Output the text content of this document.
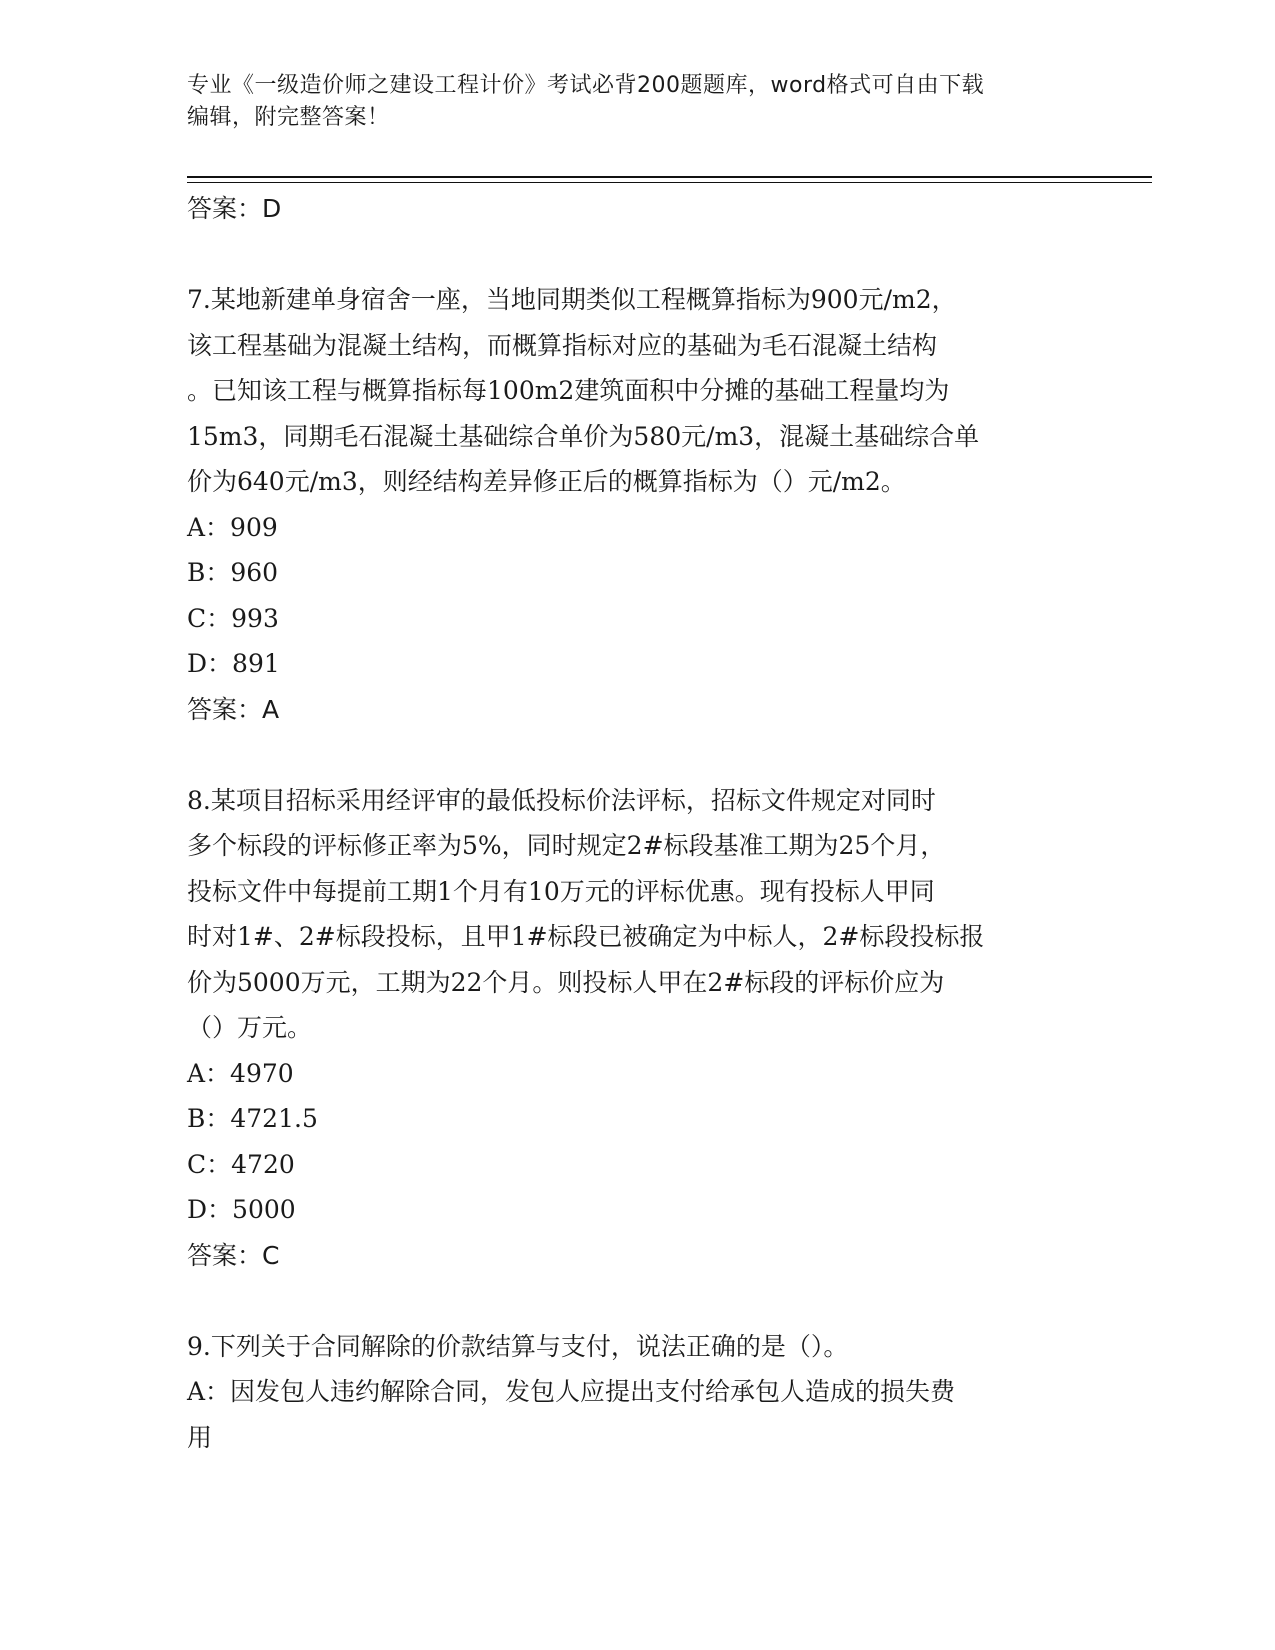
专业《一级造价师之建设工程计价》考试必背200题题库，word格式可自由下载
编辑，附完整答案！
答案：D
7.某地新建单身宿舍一座，当地同期类似工程概算指标为900元/m2，
该工程基础为混凝土结构，而概算指标对应的基础为毛石混凝土结构
。已知该工程与概算指标每100m2建筑面积中分摊的基础工程量均为
15m3，同期毛石混凝土基础综合单价为580元/m3，混凝土基础综合单
价为640元/m3，则经结构差异修正后的概算指标为（）元/m2。
A：909
B：960
C：993
D：891
答案：A
8.某项目招标采用经评审的最低投标价法评标，招标文件规定对同时
多个标段的评标修正率为5%，同时规定2#标段基准工期为25个月，
投标文件中每提前工期1个月有10万元的评标优惠。现有投标人甲同
时对1#、2#标段投标，且甲1#标段已被确定为中标人，2#标段投标报
价为5000万元，工期为22个月。则投标人甲在2#标段的评标价应为
（）万元。
A：4970
B：4721.5
C：4720
D：5000
答案：C
9.下列关于合同解除的价款结算与支付，说法正确的是（）。
A：因发包人违约解除合同，发包人应提出支付给承包人造成的损失费
用
